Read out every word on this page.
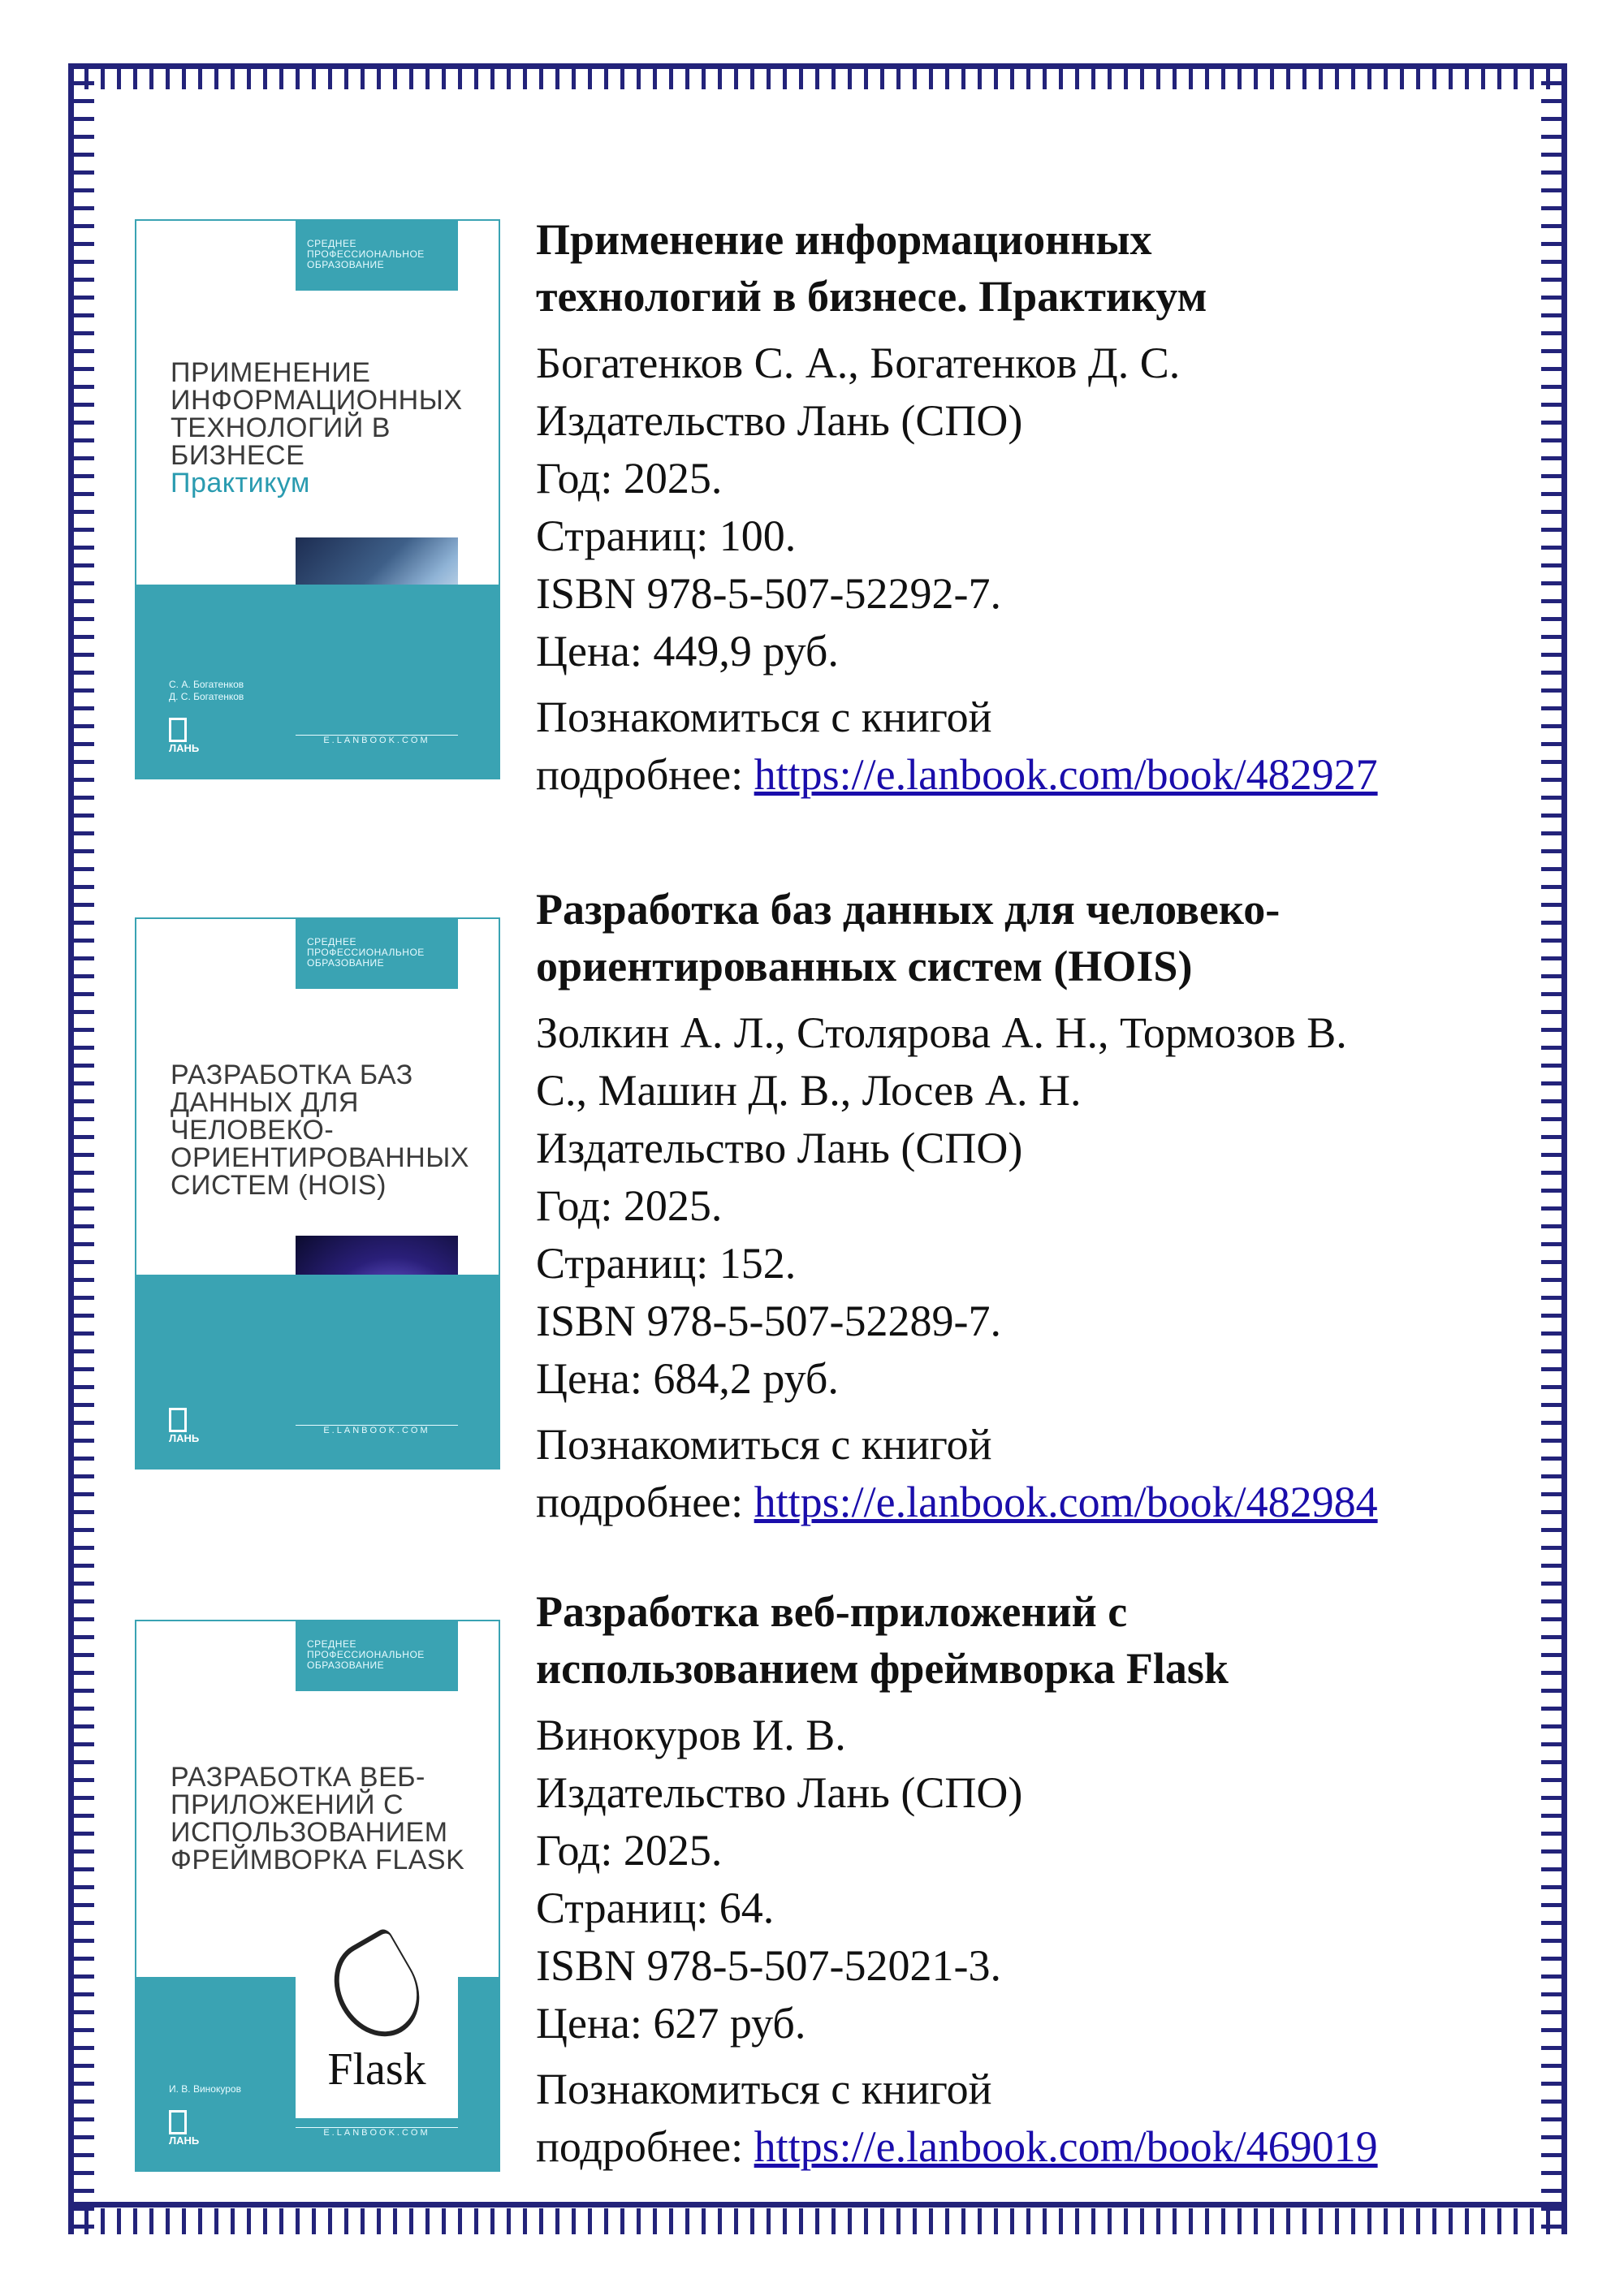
СРЕДНЕЕ ПРОФЕССИОНАЛЬНОЕ ОБРАЗОВАНИЕ
ПРИМЕНЕНИЕ ИНФОРМАЦИОННЫХ ТЕХНОЛОГИЙ В БИЗНЕСЕ
Практикум
С. А. Богатенков
Д. С. Богатенков
ЛАНЬ
E.LANBOOK.COM
Применение информационных
технологий в бизнесе. Практикум
Богатенков С. А., Богатенков Д. С.
Издательство Лань (СПО)
Год: 2025.
Страниц: 100.
ISBN 978-5-507-52292-7.
Цена: 449,9 руб.
Познакомиться с книгой
подробнее: https://e.lanbook.com/book/482927
СРЕДНЕЕ ПРОФЕССИОНАЛЬНОЕ ОБРАЗОВАНИЕ
РАЗРАБОТКА БАЗ ДАННЫХ ДЛЯ ЧЕЛОВЕКО-ОРИЕНТИРОВАННЫХ СИСТЕМ (HOIS)
ЛАНЬ
E.LANBOOK.COM
Разработка баз данных для человеко-
ориентированных систем (HOIS)
Золкин А. Л., Столярова А. Н., Тормозов В.
С., Машин Д. В., Лосев А. Н.
Издательство Лань (СПО)
Год: 2025.
Страниц: 152.
ISBN 978-5-507-52289-7.
Цена: 684,2 руб.
Познакомиться с книгой
подробнее: https://e.lanbook.com/book/482984
СРЕДНЕЕ ПРОФЕССИОНАЛЬНОЕ ОБРАЗОВАНИЕ
РАЗРАБОТКА ВЕБ-ПРИЛОЖЕНИЙ С ИСПОЛЬЗОВАНИЕМ ФРЕЙМВОРКА FLASK
Flask
И. В. Винокуров
ЛАНЬ
E.LANBOOK.COM
Разработка веб-приложений с
использованием фреймворка Flask
Винокуров И. В.
Издательство Лань (СПО)
Год: 2025.
Страниц: 64.
ISBN 978-5-507-52021-3.
Цена: 627 руб.
Познакомиться с книгой
подробнее: https://e.lanbook.com/book/469019
